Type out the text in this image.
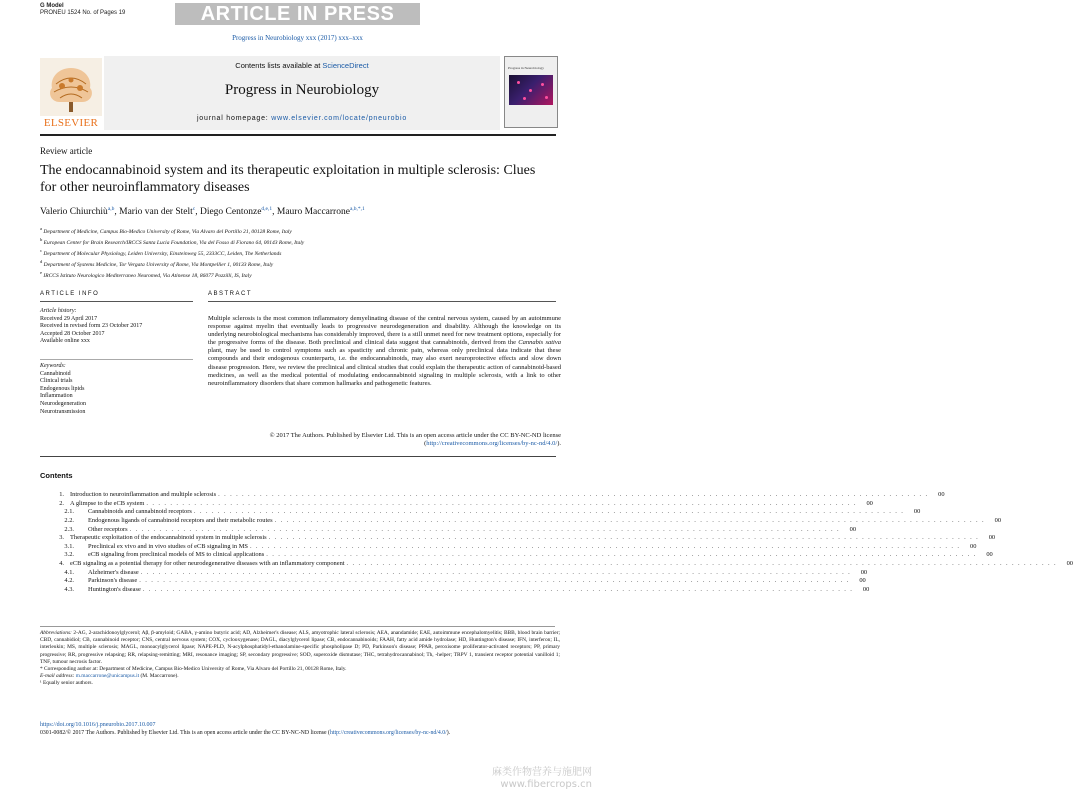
G Model
PRONEU 1524 No. of Pages 19	ARTICLE IN PRESS
Progress in Neurobiology xxx (2017) xxx–xxx
ELSEVIER
Contents lists available at ScienceDirect
Progress in Neurobiology
journal homepage: www.elsevier.com/locate/pneurobio
Progress in Neurobiology
Review article
The endocannabinoid system and its therapeutic exploitation in multiple sclerosis: Clues for other neuroinflammatory diseases
Valerio Chiurchiù$^{a,b}$, Mario van der Stelt$^c$, Diego Centonze$^{d,e,1}$, Mauro Maccarrone$^{a,b,*,1}$
$^a$ Department of Medicine, Campus Bio-Medico University of Rome, Via Alvaro del Portillo 21, 00128 Rome, Italy
$^b$ European Center for Brain Research/IRCCS Santa Lucia Foundation, Via del Fosso di Fiorano 64, 00143 Rome, Italy
$^c$ Department of Molecular Physiology, Leiden University, Einsteinweg 55, 2333CC, Leiden, The Netherlands
$^d$ Department of Systems Medicine, Tor Vergata University of Rome, Via Montpellier 1, 00133 Rome, Italy
$^e$ IRCCS Istituto Neurologico Mediterraneo Neuromed, Via Atinense 18, 86077 Pozzilli, IS, Italy
ARTICLE INFO	ABSTRACT
Article history:
Received 29 April 2017
Received in revised form 23 October 2017
Accepted 28 October 2017
Available online xxx
Keywords:
Cannabinoid
Clinical trials
Endogenous lipids
Inflammation
Neurodegeneration
Neurotransmission
Multiple sclerosis is the most common inflammatory demyelinating disease of the central nervous system, caused by an autoimmune response against myelin that eventually leads to progressive neurodegeneration and disability. Although the knowledge on its underlying neurobiological mechanisms has considerably improved, there is a still unmet need for new treatment options, especially for the progressive forms of the disease. Both preclinical and clinical data suggest that cannabinoids, derived from the Cannabis sativa plant, may be used to control symptoms such as spasticity and chronic pain, whereas only preclinical data indicate that these compounds and their endogenous counterparts, i.e. the endocannabinoids, may also exert neuroprotective effects and slow down disease progression. Here, we review the preclinical and clinical studies that could explain the therapeutic action of cannabinoid-based medicines, as well as the medical potential of modulating endocannabinoid signaling in multiple sclerosis, with a link to other neuroinflammatory disorders that share common hallmarks and pathogenetic features.
© 2017 The Authors. Published by Elsevier Ltd. This is an open access article under the CC BY-NC-ND license (http://creativecommons.org/licenses/by-nc-nd/4.0/).
Contents
1. Introduction to neuroinflammation and multiple sclerosis . . . . . . . . . . . . . . . . . . . . . . . . . . . . . . . . . . . . . . . . . . . . . . . . . . . . . . . . . . . . . . . . . . . . . . . . . . . . . . . . . . . . . . . . . . . . . . . . . . . . . . . . . . . . . . . . . . . . . . .	00
2. A glimpse to the eCB system . . . . . . . . . . . . . . . . . . . . . . . . . . . . . . . . . . . . . . . . . . . . . . . . . . . . . . . . . . . . . . . . . . . . . . . . . . . . . . . . . . . . . . . . . . . . . . . . . . . . . . . . . . . . . . . . . . . . . . .	00
2.1.	Cannabinoids and cannabinoid receptors . . . . . . . . . . . . . . . . . . . . . . . . . . . . . . . . . . . . . . . . . . . . . . . . . . . . . . . . . . . . . . . . . . . . . . . . . . . . . . . . . . . . . . . . . . . . . . . . . . . . . . . . . . . . . . . . . . . . . . .	00
2.2.	Endogenous ligands of cannabinoid receptors and their metabolic routes . . . . . . . . . . . . . . . . . . . . . . . . . . . . . . . . . . . . . . . . . . . . . . . . . . . . . . . . . . . . . . . . . . . . . . . . . . . . . . . . . . . . . . . . . . . . . . . . . . . . . . . . . . . . . . . . . . . . . . .	00
2.3.	Other receptors . . . . . . . . . . . . . . . . . . . . . . . . . . . . . . . . . . . . . . . . . . . . . . . . . . . . . . . . . . . . . . . . . . . . . . . . . . . . . . . . . . . . . . . . . . . . . . . . . . . . . . . . . . . . . . . . . . . . . . .	00
3. Therapeutic exploitation of the endocannabinoid system in multiple sclerosis . . . . . . . . . . . . . . . . . . . . . . . . . . . . . . . . . . . . . . . . . . . . . . . . . . . . . . . . . . . . . . . . . . . . . . . . . . . . . . . . . . . . . . . . . . . . . . . . . . . . . . . . . . . . . . . . . . . . . . .	00
3.1.	Preclinical ex vivo and in vivo studies of eCB signaling in MS . . . . . . . . . . . . . . . . . . . . . . . . . . . . . . . . . . . . . . . . . . . . . . . . . . . . . . . . . . . . . . . . . . . . . . . . . . . . . . . . . . . . . . . . . . . . . . . . . . . . . . . . . . . . . . . . . . . . . . .	00
3.2.	eCB signaling from preclinical models of MS to clinical applications . . . . . . . . . . . . . . . . . . . . . . . . . . . . . . . . . . . . . . . . . . . . . . . . . . . . . . . . . . . . . . . . . . . . . . . . . . . . . . . . . . . . . . . . . . . . . . . . . . . . . . . . . . . . . . . . . . . . . . .	00
4. eCB signaling as a potential therapy for other neurodegenerative diseases with an inflammatory component . . . . . . . . . . . . . . . . . . . . . . . . . . . . . . . . . . . . . . . . . . . . . . . . . . . . . . . . . . . . . . . . . . . . . . . . . . . . . . . . . . . . . . . . . . . . . . . . . . . . . . . . . . . . . . . . . . . . . . .	00
4.1.	Alzheimer's disease . . . . . . . . . . . . . . . . . . . . . . . . . . . . . . . . . . . . . . . . . . . . . . . . . . . . . . . . . . . . . . . . . . . . . . . . . . . . . . . . . . . . . . . . . . . . . . . . . . . . . . . . . . . . . . . . . . . . . . .	00
4.2.	Parkinson's disease . . . . . . . . . . . . . . . . . . . . . . . . . . . . . . . . . . . . . . . . . . . . . . . . . . . . . . . . . . . . . . . . . . . . . . . . . . . . . . . . . . . . . . . . . . . . . . . . . . . . . . . . . . . . . . . . . . . . . . .	00
4.3.	Huntington's disease . . . . . . . . . . . . . . . . . . . . . . . . . . . . . . . . . . . . . . . . . . . . . . . . . . . . . . . . . . . . . . . . . . . . . . . . . . . . . . . . . . . . . . . . . . . . . . . . . . . . . . . . . . . . . . . . . . . . . . .	00
Abbreviations: 2-AG, 2-arachidonoylglycerol; Aβ, β-amyloid; GABA, γ-amino butyric acid; AD, Alzheimer's disease; ALS, amyotrophic lateral sclerosis; AEA, anandamide; EAE, autoimmune encephalomyelitis; BBB, blood brain barrier; CBD, cannabidiol; CB, cannabinoid receptor; CNS, central nervous system; COX, cyclooxygenase; DAGL, diacylglycerol lipase; CB, endocannabinoids; FAAH, fatty acid amide hydrolase; HD, Huntington's disease; IFN, interferon; IL, interleukin; MS, multiple sclerosis; MAGL, monoacylglycerol lipase; NAPE-PLD, N-acylphosphatidyl-ethanolamine-specific phospholipase D; PD, Parkinson's disease; PPAR, peroxisome proliferator-activated receptors; PP, primary progressive; RR, progressive relapsing; RR, relapsing-remitting; MRI, resonance imaging; SP, secondary progressive; SOD, superoxide dismutase; THC, tetrahydrocannabinol; Th, -helper; TRPV 1, transient receptor potential vanilloid 1; TNF, tumour necrosis factor.
* Corresponding author at: Department of Medicine, Campus Bio-Medico University of Rome, Via Alvaro del Portillo 21, 00128 Rome, Italy.
E-mail address: m.maccarrone@unicampus.it (M. Maccarrone).
¹ Equally senior authors.
https://doi.org/10.1016/j.pneurobio.2017.10.007
0301-0082/© 2017 The Authors. Published by Elsevier Ltd. This is an open access article under the CC BY-NC-ND license (http://creativecommons.org/licenses/by-nc-nd/4.0/).
麻类作物营养与施肥网
www.fibercrops.cn
